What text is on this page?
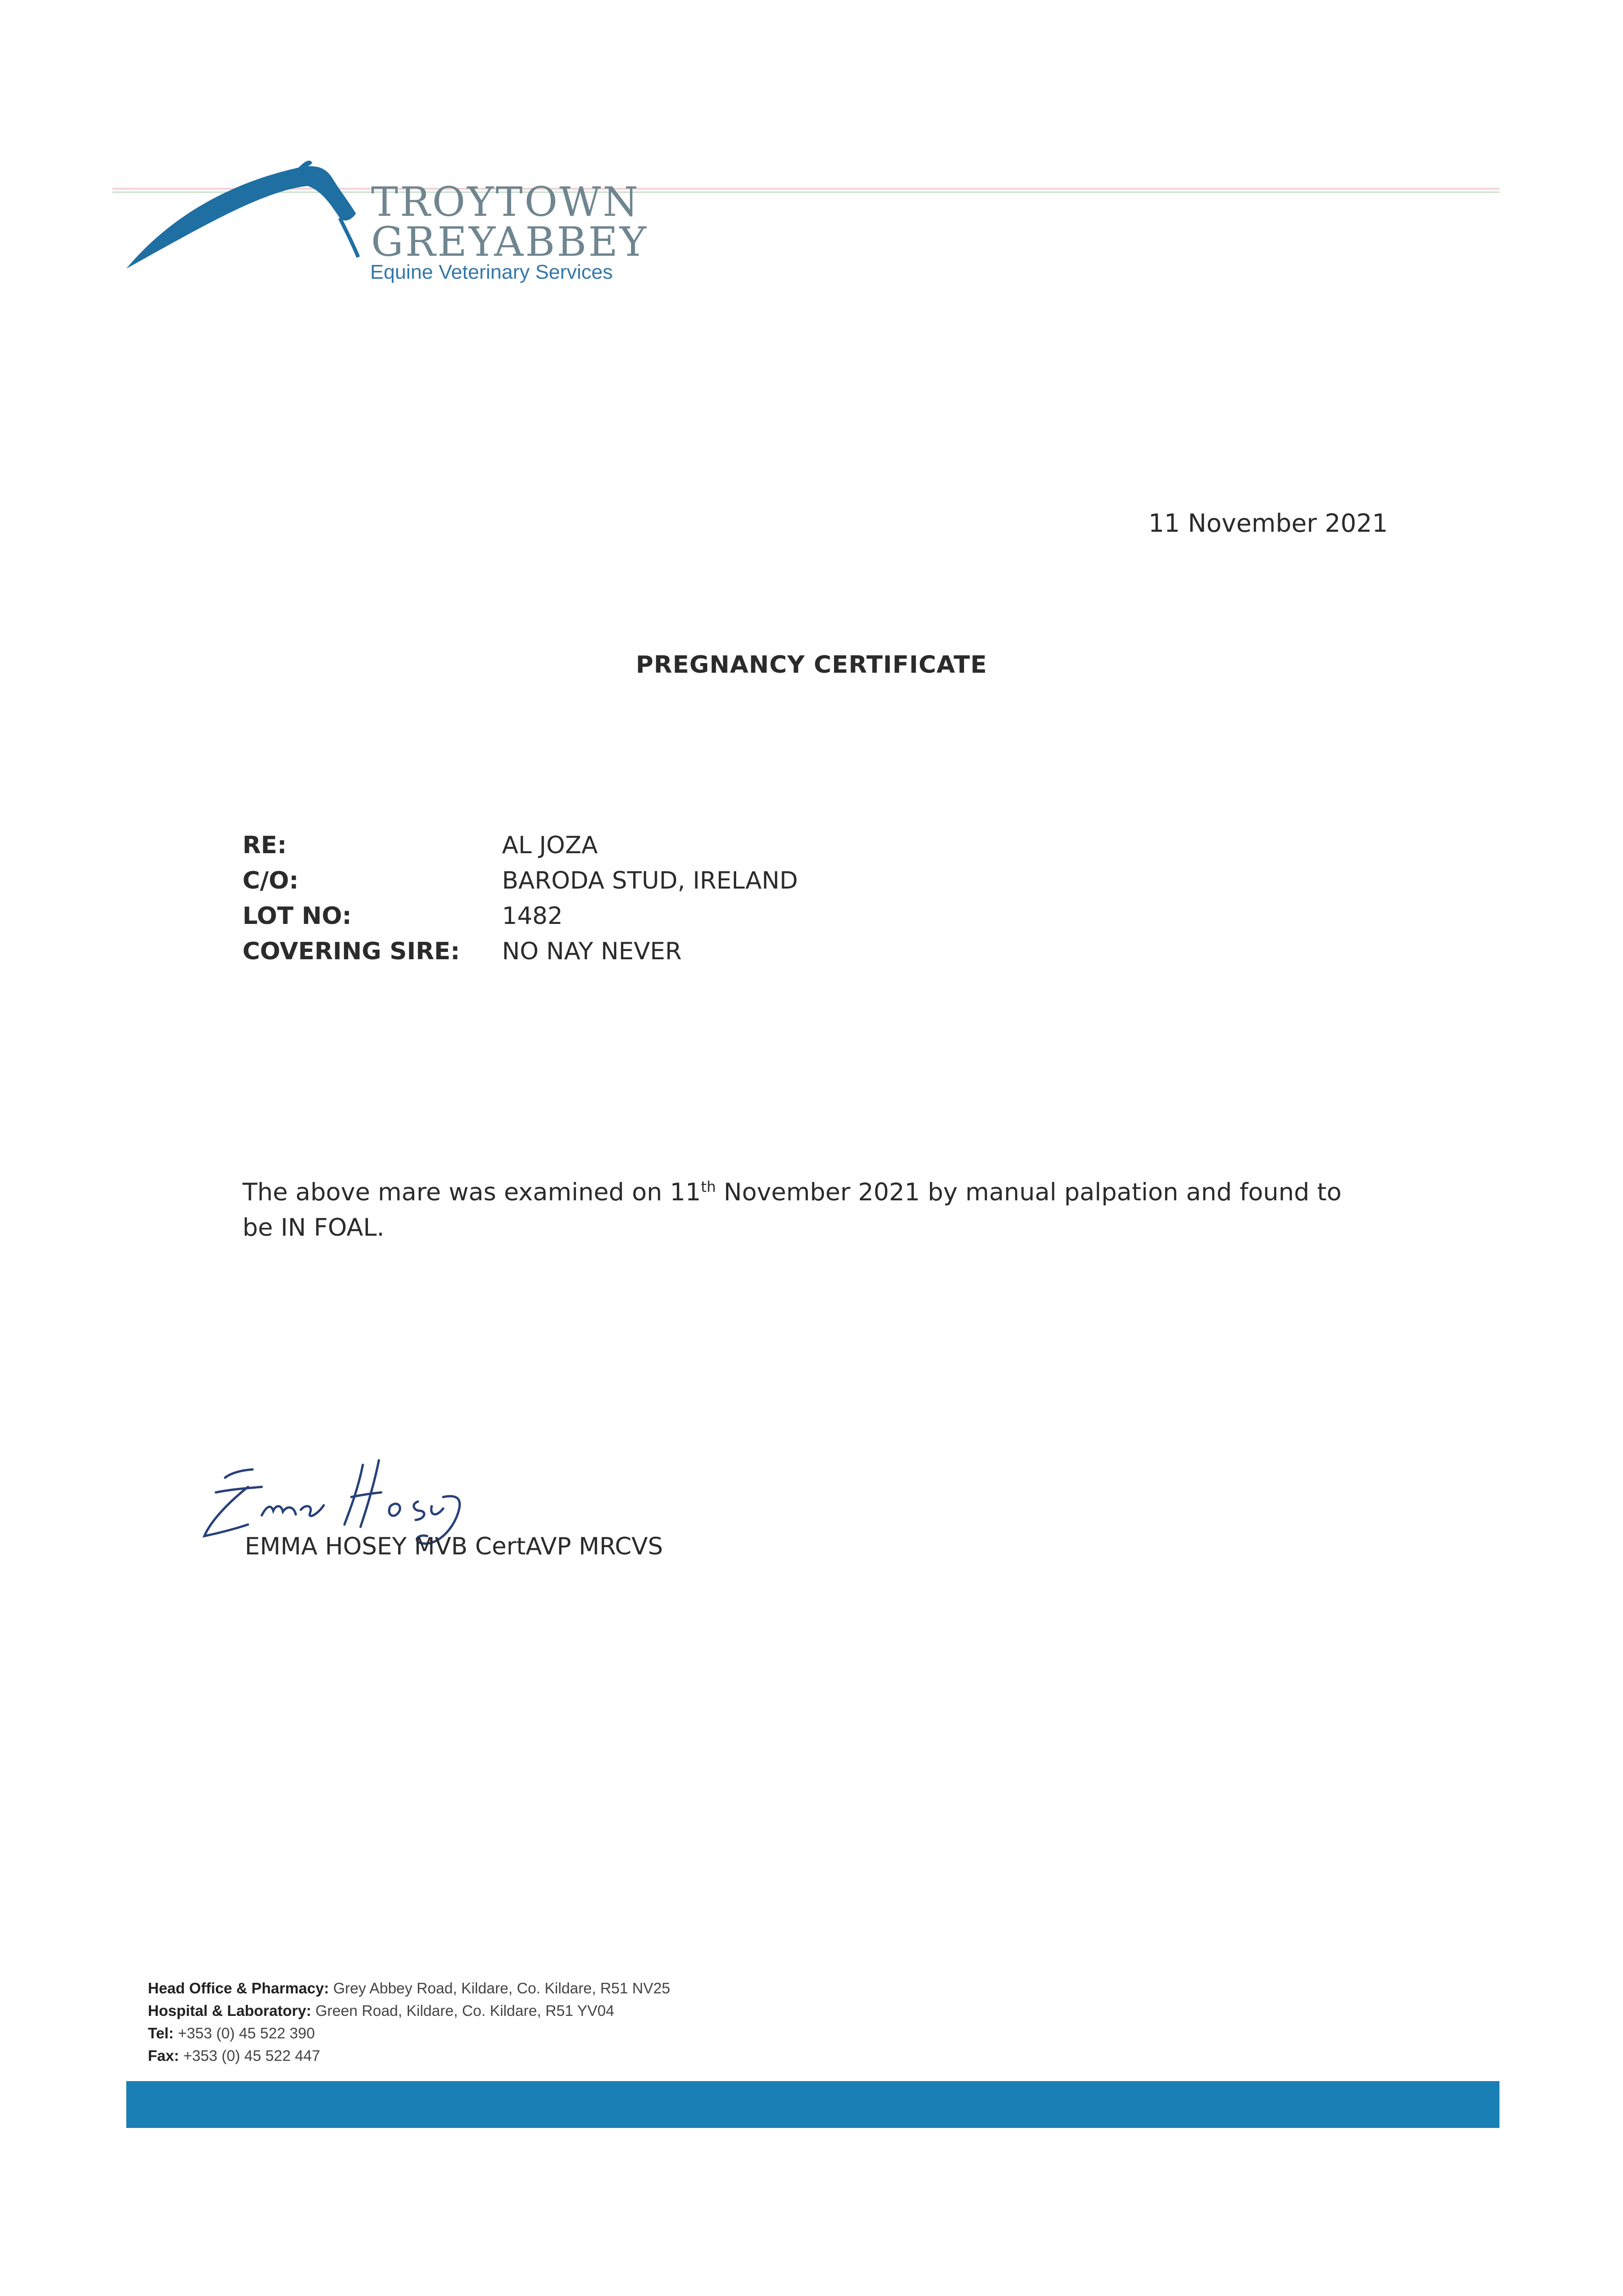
TROYTOWN
GREYABBEY
Equine Veterinary Services
11 November 2021
PREGNANCY CERTIFICATE
RE:	AL JOZA
C/O:	BARODA STUD, IRELAND
LOT NO:	1482
COVERING SIRE:	NO NAY NEVER
The above mare was examined on 11th November 2021 by manual palpation and found to be IN FOAL.
EMMA HOSEY MVB CertAVP MRCVS
Head Office & Pharmacy: Grey Abbey Road, Kildare, Co. Kildare, R51 NV25
Hospital & Laboratory: Green Road, Kildare, Co. Kildare, R51 YV04
Tel: +353 (0) 45 522 390
Fax: +353 (0) 45 522 447
